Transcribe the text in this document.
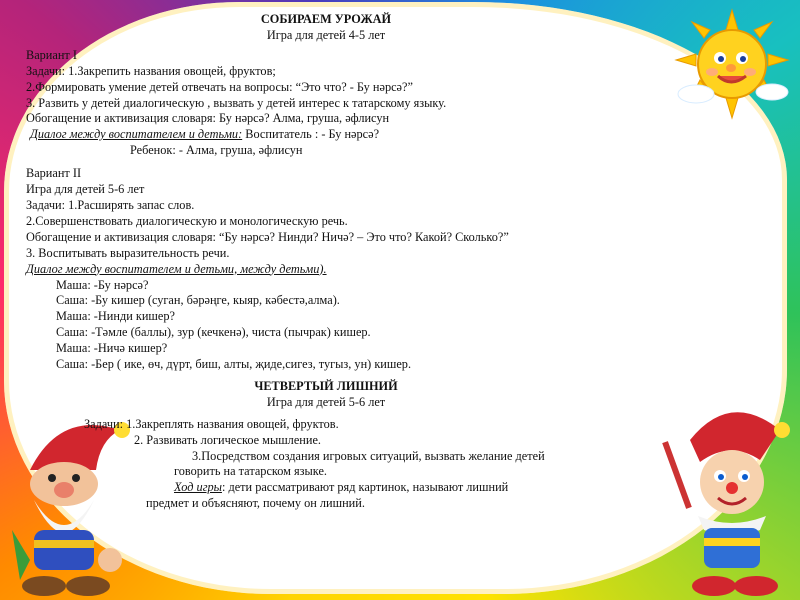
СОБИРАЕМ УРОЖАЙ
Игра для детей 4-5 лет
Вариант I
Задачи: 1.Закрепить названия овощей, фруктов;
2.Формировать умение детей отвечать на вопросы: “Это что? - Бу нәрсә?”
3. Развить у детей диалогическую , вызвать у детей интерес к татарскому языку.
Обогащение и активизация словаря: Бу нәрсә? Алма, груша, әфлисун
Диалог между воспитателем и детьми: Воспитатель : - Бу нәрсә?
Ребенок: - Алма, груша, әфлисун
Вариант II
Игра для детей 5-6 лет
Задачи: 1.Расширять запас слов.
2.Совершенствовать диалогическую и монологическую речь.
Обогащение и активизация словаря: “Бу нәрсә? Нинди? Ничә? – Это что? Какой? Сколько?”
3. Воспитывать выразительность речи.
Диалог между воспитателем и детьми, между детьми).
Маша: -Бу нәрсә?
Саша: -Бу кишер (суган, бәрәңге, кыяр, кәбестә,алма).
Маша: -Нинди кишер?
Саша: -Тәмле (баллы), зур (кечкенә), чиста (пычрак) кишер.
Маша: -Ничә кишер?
Саша: -Бер ( ике, өч, дүрт, биш, алты, җиде,сигез, тугыз, ун) кишер.
ЧЕТВЕРТЫЙ ЛИШНИЙ
Игра для детей 5-6 лет
Задачи: 1.Закреплять названия овощей, фруктов.
2. Развивать логическое мышление.
3.Посредством создания игровых ситуаций, вызвать желание детей
говорить на татарском языке.
Ход игры: дети рассматривают ряд картинок, называют лишний
предмет и объясняют, почему он лишний.
